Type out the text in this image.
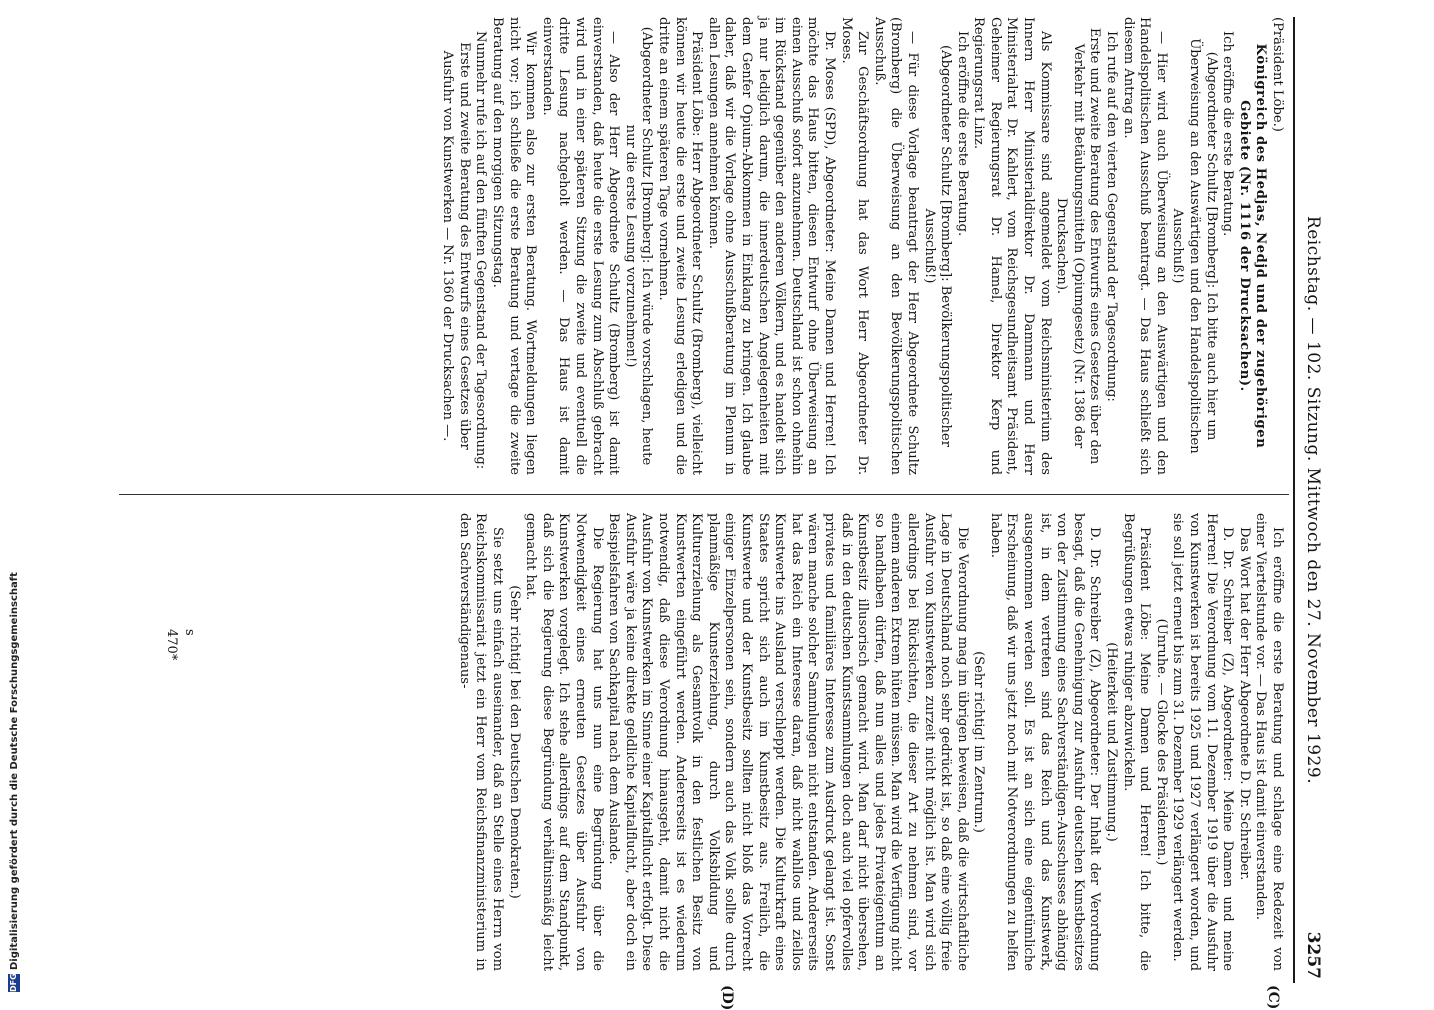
Reichstag. — 102. Sitzung. Mittwoch den 27. November 1929.
3257
(C)
(D)

(Präsident Löbe.)

Königreich des Hedjas, Nedjd und der zugehörigen Gebiete (Nr. 1116 der Drucksachen).

Ich eröffne die erste Beratung.

(Abgeordneter Schultz [Bromberg]: Ich bitte auch hier um Überweisung an den Auswärtigen und den Handelspolitischen Ausschuß!)

— Hier wird auch Überweisung an den Auswärtigen und den Handelspolitischen Ausschuß beantragt. — Das Haus schließt sich diesem Antrag an.

Ich rufe auf den vierten Gegenstand der Tagesordnung:

Erste und zweite Beratung des Entwurfs eines Gesetzes über den Verkehr mit Betäubungsmitteln (Opiumgesetz) (Nr. 1386 der Drucksachen).

Als Kommissare sind angemeldet vom Reichsministerium des Innern Herr Ministerialdirektor Dr. Dammann und Herr Ministerialrat Dr. Kahlert, vom Reichsgesundheitsamt Präsident, Geheimer Regierungsrat Dr. Hamel, Direktor Kerp und Regierungsrat Linz.

Ich eröffne die erste Beratung.

(Abgeordneter Schultz [Bromberg]: Bevölkerungspolitischer Ausschuß!)

— Für diese Vorlage beantragt der Herr Abgeordnete Schultz (Bromberg) die Überweisung an den Bevölkerungspolitischen Ausschuß.

Zur Geschäftsordnung hat das Wort Herr Abgeordneter Dr. Moses.

Dr. Moses (SPD), Abgeordneter: Meine Damen und Herren! Ich möchte das Haus bitten, diesen Entwurf ohne Überweisung an einen Ausschuß sofort anzunehmen. Deutschland ist schon ohnehin im Rückstand gegenüber den anderen Völkern, und es handelt sich ja nur lediglich darum, die innerdeutschen Angelegenheiten mit dem Genfer Opium-Abkommen in Einklang zu bringen. Ich glaube daher, daß wir die Vorlage ohne Ausschußberatung im Plenum in allen Lesungen annehmen können.

Präsident Löbe: Herr Abgeordneter Schultz (Bromberg), vielleicht können wir heute die erste und zweite Lesung erledigen und die dritte an einem späteren Tage vornehmen.

(Abgeordneter Schultz [Bromberg]: Ich würde vorschlagen, heute nur die erste Lesung vorzunehmen!)

— Also der Herr Abgeordnete Schultz (Bromberg) ist damit einverstanden, daß heute die erste Lesung zum Abschluß gebracht wird und in einer späteren Sitzung die zweite und eventuell die dritte Lesung nachgeholt werden. — Das Haus ist damit einverstanden.

Wir kommen also zur ersten Beratung. Wortmeldungen liegen nicht vor; ich schließe die erste Beratung und vertage die zweite Beratung auf den morgigen Sitzungstag.

Nunmehr rufe ich auf den fünften Gegenstand der Tagesordnung:

Erste und zweite Beratung des Entwurfs eines Gesetzes über Ausfuhr von Kunstwerken — Nr. 1360 der Drucksachen —.

Ich eröffne die erste Beratung und schlage eine Redezeit von einer Viertelstunde vor. — Das Haus ist damit einverstanden.

Das Wort hat der Herr Abgeordnete D. Dr. Schreiber.

D. Dr. Schreiber (Z), Abgeordneter: Meine Damen und meine Herren! Die Verordnung vom 11. Dezember 1919 über die Ausfuhr von Kunstwerken ist bereits 1925 und 1927 verlängert worden, und sie soll jetzt erneut bis zum 31. Dezember 1929 verlängert werden.

(Unruhe. — Glocke des Präsidenten.)

Präsident Löbe: Meine Damen und Herren! Ich bitte, die Begrüßungen etwas ruhiger abzuwickeln.

(Heiterkeit und Zustimmung.)

D. Dr. Schreiber (Z), Abgeordneter: Der Inhalt der Verordnung besagt, daß die Genehmigung zur Ausfuhr deutschen Kunstbesitzes von der Zustimmung eines Sachverständigen-Ausschusses abhängig ist, in dem vertreten sind das Reich und das Kunstwerk, ausgenommen werden soll. Es ist an sich eine eigentümliche Erscheinung, daß wir uns jetzt noch mit Notverordnungen zu helfen haben.

(Sehr richtig! im Zentrum.)

Die Verordnung mag im übrigen beweisen, daß die wirtschaftliche Lage in Deutschland noch sehr gedrückt ist, so daß eine völlig freie Ausfuhr von Kunstwerken zurzeit nicht möglich ist. Man wird sich allerdings bei Rücksichten, die dieser Art zu nehmen sind, vor einem anderen Extrem hüten müssen. Man wird die Verfügung nicht so handhaben dürfen, daß nun alles und jedes Privateigentum an Kunstbesitz illusorisch gemacht wird. Man darf nicht übersehen, daß in den deutschen Kunstsammlungen doch auch viel opfervolles privates und familiäres Interesse zum Ausdruck gelangt ist. Sonst wären manche solcher Sammlungen nicht entstanden. Andererseits hat das Reich ein Interesse daran, daß nicht wahllos und ziellos Kunstwerte ins Ausland verschleppt werden. Die Kulturkraft eines Staates spricht sich auch im Kunstbesitz aus. Freilich, die Kunstwerte und der Kunstbesitz sollten nicht bloß das Vorrecht einiger Einzelpersonen sein, sondern auch das Volk sollte durch planmäßige Kunsterziehung, durch Volksbildung und Kulturerziehung als Gesamtvolk in den festlichen Besitz von Kunstwerten eingeführt werden. Andererseits ist es wiederum notwendig, daß diese Verordnung hinausgeht, damit nicht die Ausfuhr von Kunstwerken im Sinne einer Kapitalflucht erfolgt. Diese Ausfuhr wäre ja keine direkte geldliche Kapitalflucht, aber doch ein Beispielsfahren von Sachkapital nach dem Auslande.

Die Regierung hat uns nun eine Begründung über die Notwendigkeit eines erneuten Gesetzes über Ausfuhr von Kunstwerken vorgelegt. Ich stehe allerdings auf dem Standpunkt, daß sich die Regierung diese Begründung verhältnismäßig leicht gemacht hat.

(Sehr richtig! bei den Deutschen Demokraten.)

Sie setzt uns einfach auseinander, daß an Stelle eines Herrn vom Reichskommissariat jetzt ein Herr vom Reichsfinanzministerium in den Sachverständigenaus-

s
470*
DFG
Digitalisierung gefördert durch die Deutsche Forschungsgemeinschaft
